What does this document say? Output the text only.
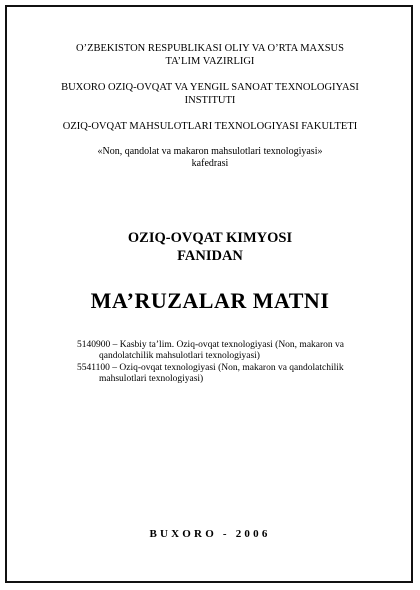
O’ZBEKISTON RESPUBLIKASI OLIY VA O’RTA MAXSUS
TA’LIM VAZIRLIGI
BUXORO OZIQ-OVQAT VA YENGIL SANOAT TEXNOLOGIYASI
INSTITUTI
OZIQ-OVQAT MAHSULOTLARI TEXNOLOGIYASI FAKULTETI
«Non, qandolat va makaron mahsulotlari texnologiyasi»
kafedrasi
OZIQ-OVQAT KIMYOSI
FANIDAN
MA’RUZALAR MATNI
5140900 – Kasbiy ta’lim. Oziq-ovqat texnologiyasi (Non, makaron va
qandolatchilik mahsulotlari texnologiyasi)
5541100 – Oziq-ovqat texnologiyasi (Non, makaron va qandolatchilik
mahsulotlari texnologiyasi)
BUXORO - 2006
